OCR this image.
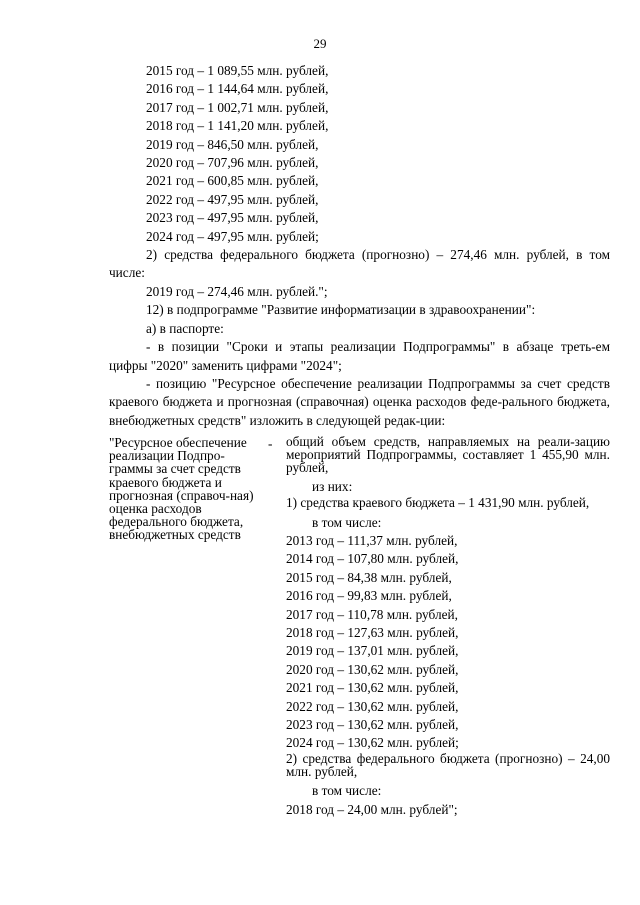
29

2015 год – 1 089,55 млн. рублей,

2016 год – 1 144,64 млн. рублей,

2017 год – 1 002,71 млн. рублей,

2018 год – 1 141,20 млн. рублей,

2019 год – 846,50 млн. рублей,

2020 год – 707,96 млн. рублей,

2021 год – 600,85 млн. рублей,

2022 год – 497,95 млн. рублей,

2023 год – 497,95 млн. рублей,

2024 год – 497,95 млн. рублей;

2) средства федерального бюджета (прогнозно) – 274,46 млн. рублей, в том числе:

2019 год – 274,46 млн. рублей.";

12) в подпрограмме "Развитие информатизации в здравоохранении":

а) в паспорте:

- в позиции "Сроки и этапы реализации Подпрограммы" в абзаце треть-ем цифры "2020" заменить цифрами "2024";

- позицию "Ресурсное обеспечение реализации Подпрограммы за счет средств краевого бюджета и прогнозная (справочная) оценка расходов феде-рального бюджета, внебюджетных средств" изложить в следующей редак-ции:

"Ресурсное обеспечение реализации Подпро-граммы за счет средств краевого бюджета и прогнозная (справоч-ная) оценка расходов федерального бюджета, внебюджетных средств
- общий объем средств, направляемых на реали-зацию мероприятий Подпрограммы, составляет 1 455,90 млн. рублей,

из них:

1) средства краевого бюджета – 1 431,90 млн. рублей,

в том числе:

2013 год – 111,37 млн. рублей,

2014 год – 107,80 млн. рублей,

2015 год – 84,38 млн. рублей,

2016 год – 99,83 млн. рублей,

2017 год – 110,78 млн. рублей,

2018 год – 127,63 млн. рублей,

2019 год – 137,01 млн. рублей,

2020 год – 130,62 млн. рублей,

2021 год – 130,62 млн. рублей,

2022 год – 130,62 млн. рублей,

2023 год – 130,62 млн. рублей,

2024 год – 130,62 млн. рублей;

2) средства федерального бюджета (прогнозно) – 24,00 млн. рублей,

в том числе:

2018 год – 24,00 млн. рублей";
